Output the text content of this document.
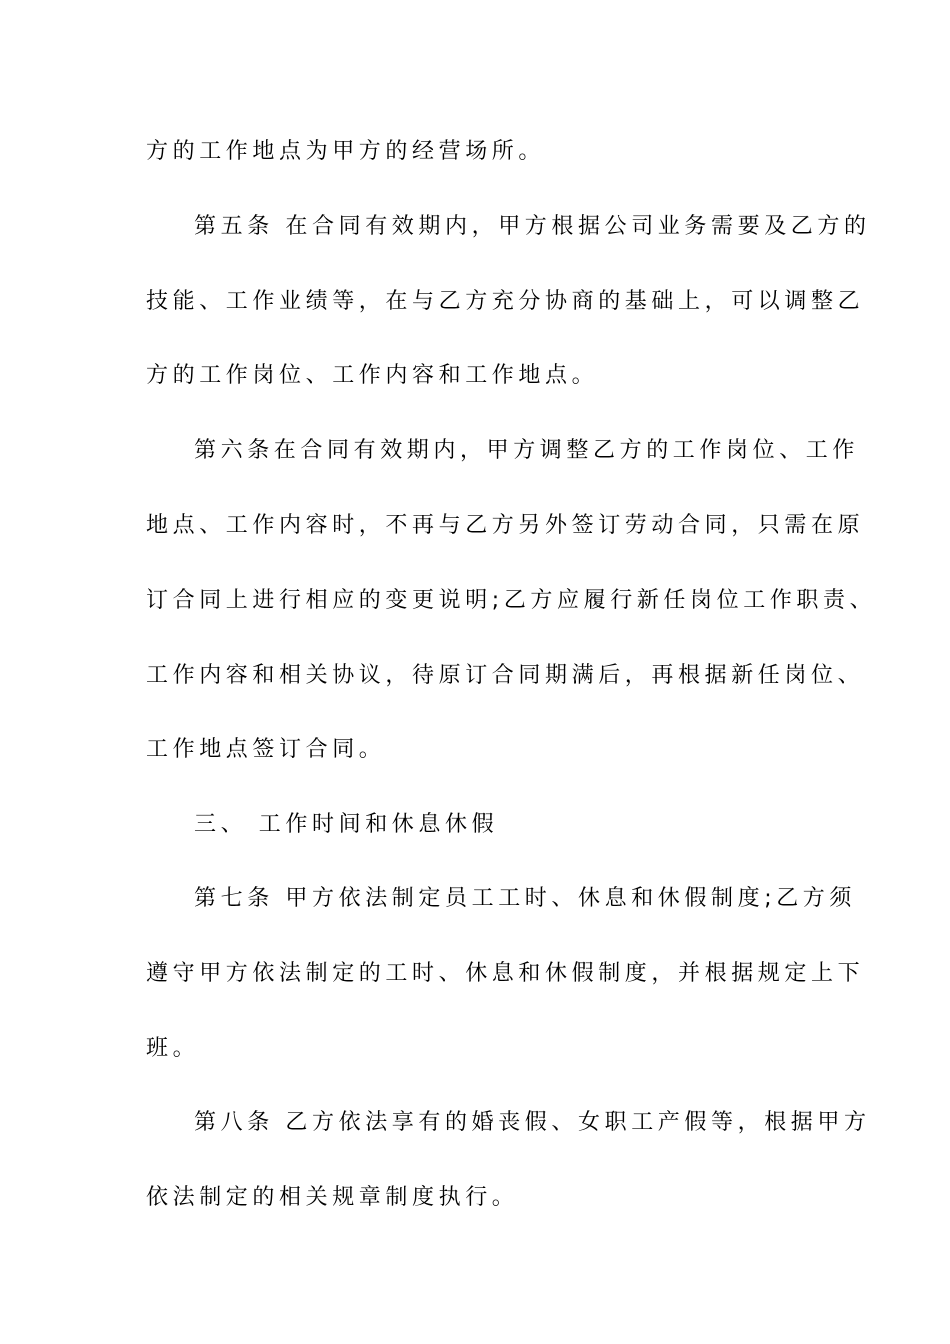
方的工作地点为甲方的经营场所。
第五条 在合同有效期内，甲方根据公司业务需要及乙方的
技能、工作业绩等，在与乙方充分协商的基础上，可以调整乙
方的工作岗位、工作内容和工作地点。
第六条在合同有效期内，甲方调整乙方的工作岗位、工作
地点、工作内容时，不再与乙方另外签订劳动合同，只需在原
订合同上进行相应的变更说明;乙方应履行新任岗位工作职责、
工作内容和相关协议，待原订合同期满后，再根据新任岗位、
工作地点签订合同。
三、 工作时间和休息休假
第七条 甲方依法制定员工工时、休息和休假制度;乙方须
遵守甲方依法制定的工时、休息和休假制度，并根据规定上下
班。
第八条 乙方依法享有的婚丧假、女职工产假等，根据甲方
依法制定的相关规章制度执行。
